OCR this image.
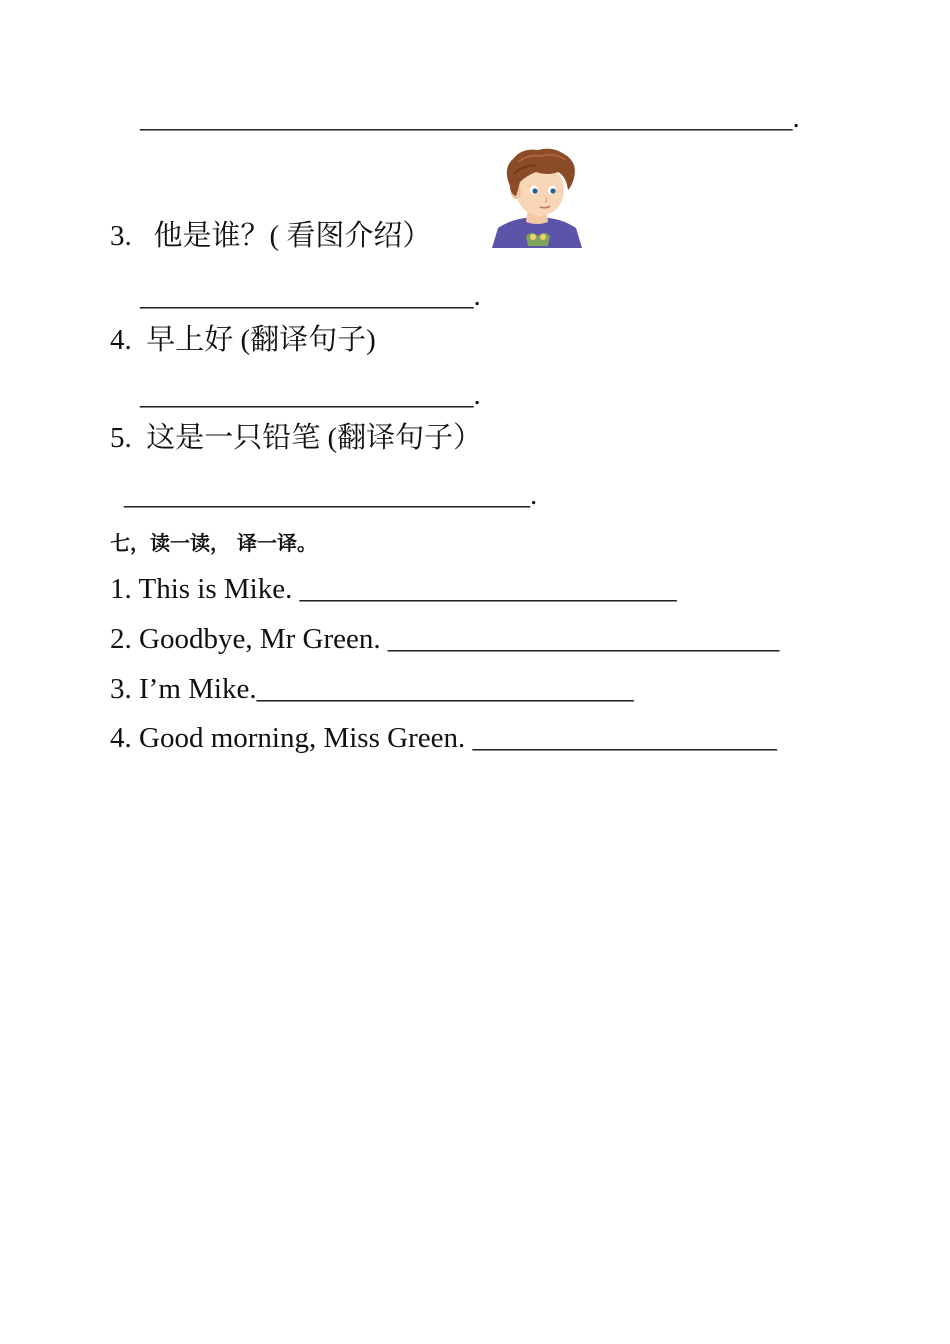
_____________________________________________.
3. 他是谁？( 看图介绍）
_______________________.
4. 早上好 (翻译句子)
_______________________.
5. 这是一只铅笔 (翻译句子）
____________________________.
七，读一读， 译一译。
1. This is Mike. __________________________
2. Goodbye, Mr Green. ___________________________
3. I’m Mike.__________________________
4. Good morning, Miss Green. _____________________
